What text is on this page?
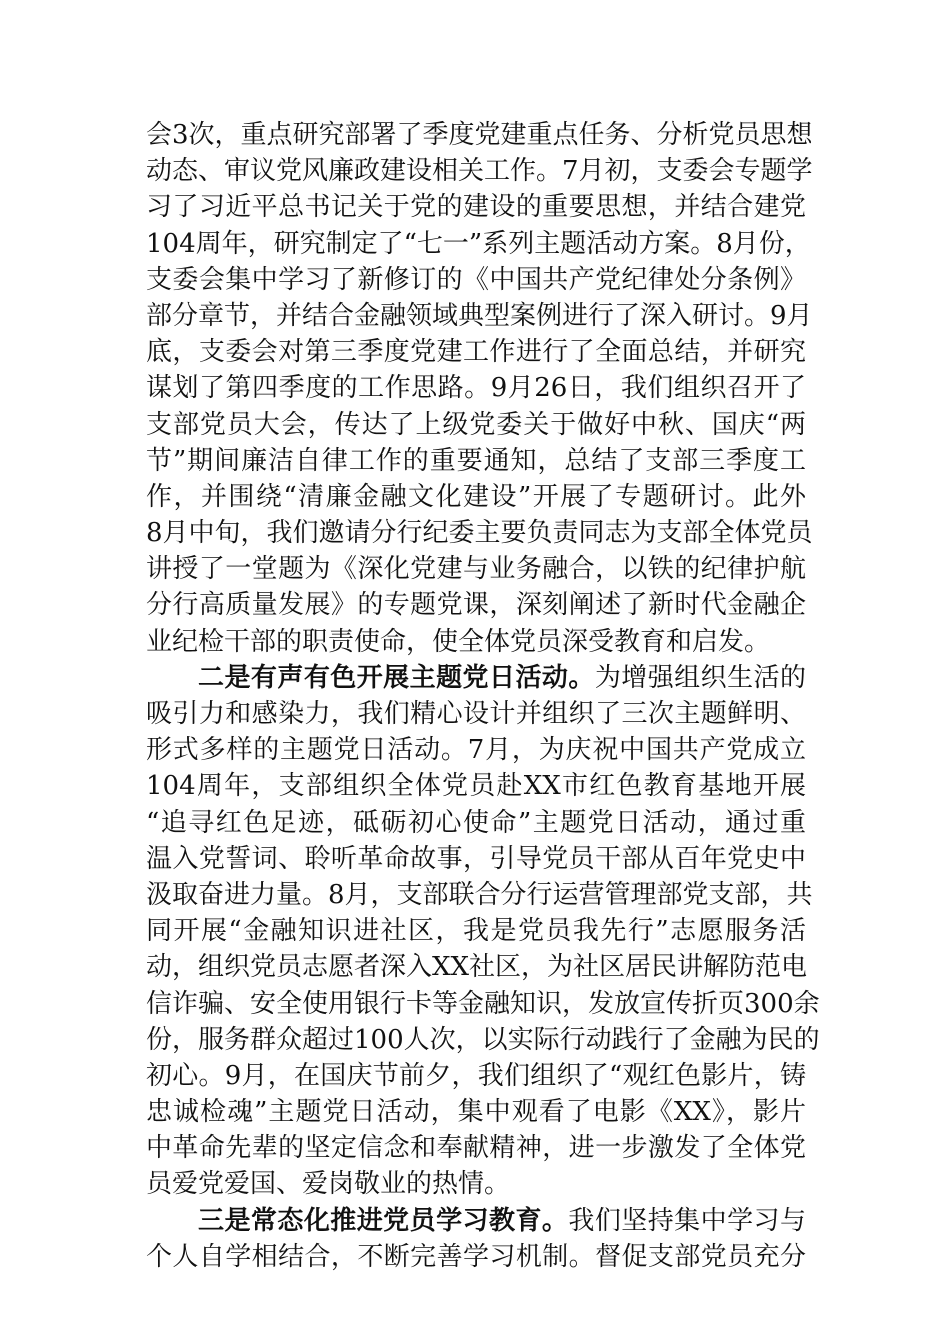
会3次，重点研究部署了季度党建重点任务、分析党员思想
动态、审议党风廉政建设相关工作。7月初，支委会专题学
习了习近平总书记关于党的建设的重要思想，并结合建党
104周年，研究制定了“七一”系列主题活动方案。8月份，
支委会集中学习了新修订的《中国共产党纪律处分条例》
部分章节，并结合金融领域典型案例进行了深入研讨。9月
底，支委会对第三季度党建工作进行了全面总结，并研究
谋划了第四季度的工作思路。9月26日，我们组织召开了
支部党员大会，传达了上级党委关于做好中秋、国庆“两
节”期间廉洁自律工作的重要通知，总结了支部三季度工
作，并围绕“清廉金融文化建设”开展了专题研讨。此外
8月中旬，我们邀请分行纪委主要负责同志为支部全体党员
讲授了一堂题为《深化党建与业务融合，以铁的纪律护航
分行高质量发展》的专题党课，深刻阐述了新时代金融企
业纪检干部的职责使命，使全体党员深受教育和启发。
二是有声有色开展主题党日活动。为增强组织生活的
吸引力和感染力，我们精心设计并组织了三次主题鲜明、
形式多样的主题党日活动。7月，为庆祝中国共产党成立
104周年，支部组织全体党员赴XX市红色教育基地开展
“追寻红色足迹，砥砺初心使命”主题党日活动，通过重
温入党誓词、聆听革命故事，引导党员干部从百年党史中
汲取奋进力量。8月，支部联合分行运营管理部党支部，共
同开展“金融知识进社区，我是党员我先行”志愿服务活
动，组织党员志愿者深入XX社区，为社区居民讲解防范电
信诈骗、安全使用银行卡等金融知识，发放宣传折页300余
份，服务群众超过100人次，以实际行动践行了金融为民的
初心。9月，在国庆节前夕，我们组织了“观红色影片，铸
忠诚检魂”主题党日活动，集中观看了电影《XX》，影片
中革命先辈的坚定信念和奉献精神，进一步激发了全体党
员爱党爱国、爱岗敬业的热情。
三是常态化推进党员学习教育。我们坚持集中学习与
个人自学相结合，不断完善学习机制。督促支部党员充分
